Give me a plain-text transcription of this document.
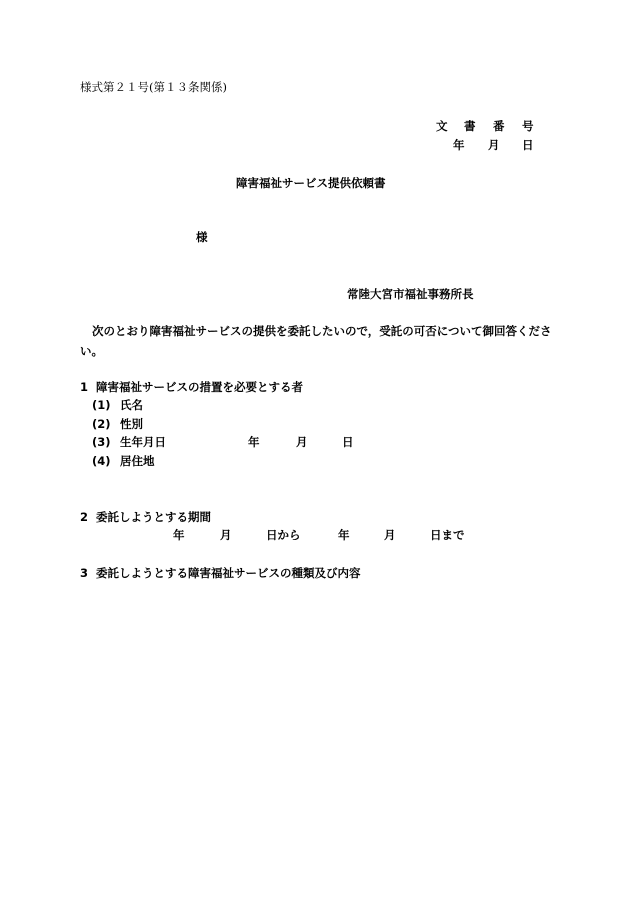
様式第２１号(第１３条関係)
文 書 番 号
年 月 日
障害福祉サービス提供依頼書
様
常陸大宮市福祉事務所長
次のとおり障害福祉サービスの提供を委託したいので，受託の可否について御回答ください。
1 障害福祉サービスの措置を必要とする者
(1) 氏名
(2) 性別
(3) 生年月日	年	月	日
(4) 居住地
2 委託しようとする期間
年	月	日から	年	月	日まで
3 委託しようとする障害福祉サービスの種類及び内容
